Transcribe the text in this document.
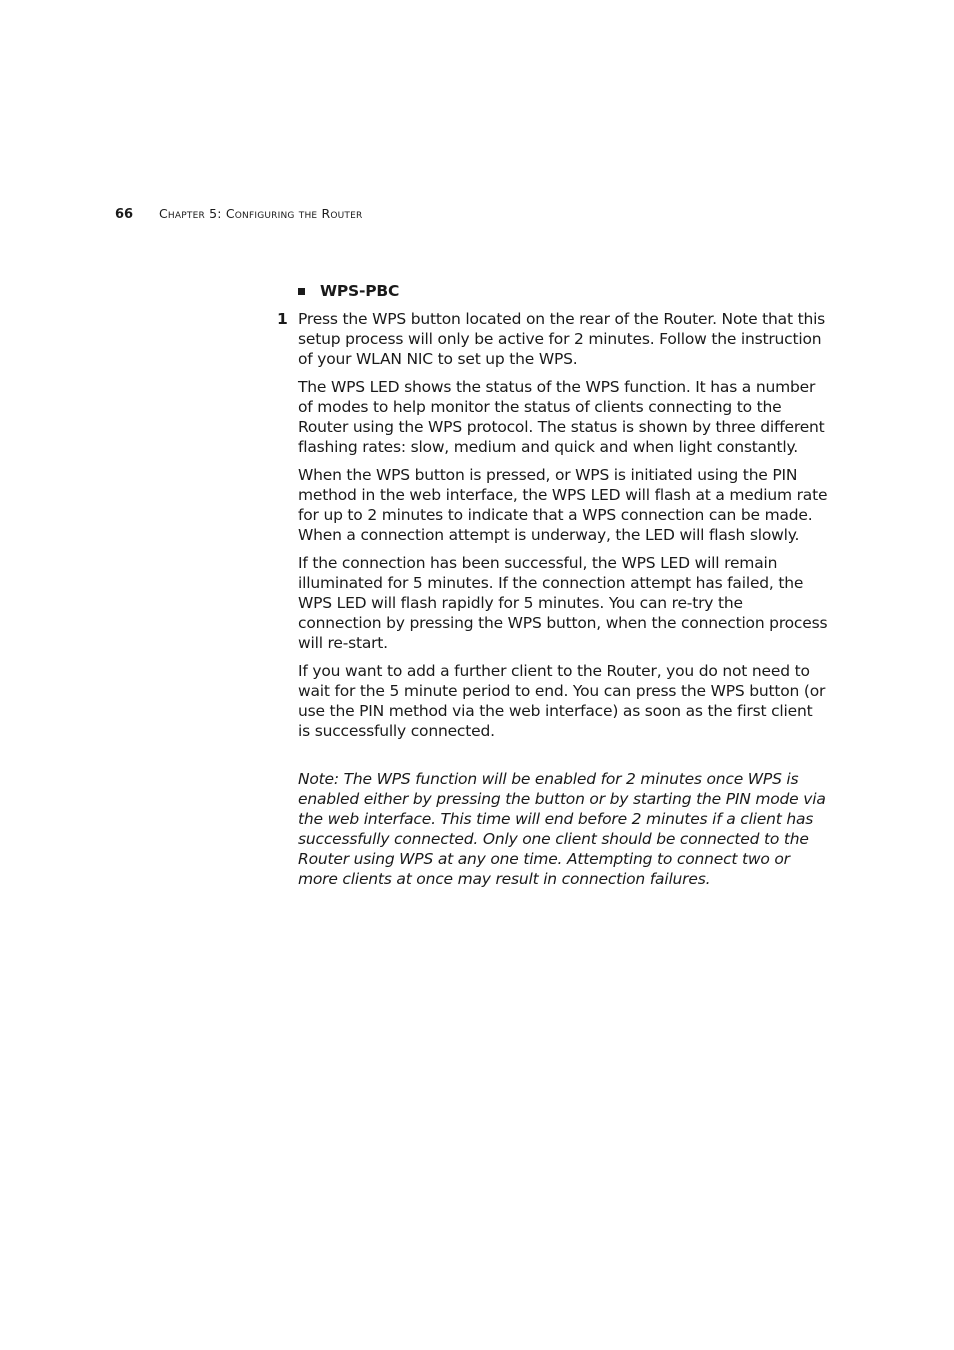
66 Chapter 5: Configuring the Router
WPS-PBC
1 Press the WPS button located on the rear of the Router. Note that this setup process will only be active for 2 minutes. Follow the instruction of your WLAN NIC to set up the WPS.

The WPS LED shows the status of the WPS function. It has a number of modes to help monitor the status of clients connecting to the Router using the WPS protocol. The status is shown by three different flashing rates: slow, medium and quick and when light constantly.

When the WPS button is pressed, or WPS is initiated using the PIN method in the web interface, the WPS LED will flash at a medium rate for up to 2 minutes to indicate that a WPS connection can be made. When a connection attempt is underway, the LED will flash slowly.

If the connection has been successful, the WPS LED will remain illuminated for 5 minutes. If the connection attempt has failed, the WPS LED will flash rapidly for 5 minutes. You can re-try the connection by pressing the WPS button, when the connection process will re-start.

If you want to add a further client to the Router, you do not need to wait for the 5 minute period to end. You can press the WPS button (or use the PIN method via the web interface) as soon as the first client is successfully connected.

Note: The WPS function will be enabled for 2 minutes once WPS is enabled either by pressing the button or by starting the PIN mode via the web interface. This time will end before 2 minutes if a client has successfully connected. Only one client should be connected to the Router using WPS at any one time. Attempting to connect two or more clients at once may result in connection failures.
